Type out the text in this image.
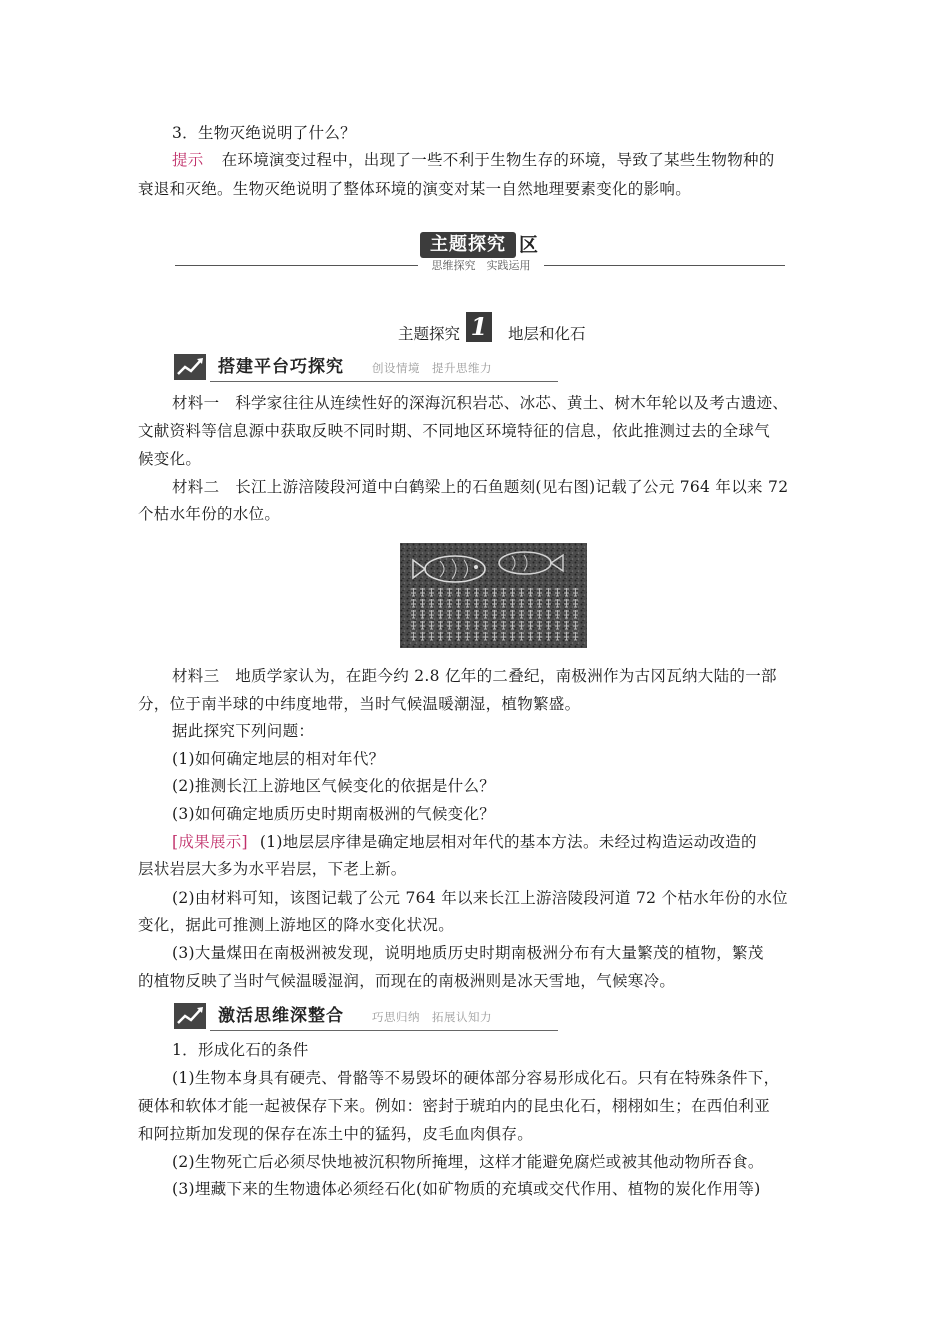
3．生物灭绝说明了什么？
提示 在环境演变过程中，出现了一些不利于生物生存的环境，导致了某些生物物种的
衰退和灭绝。生物灭绝说明了整体环境的演变对某一自然地理要素变化的影响。
主题探究 区
思维探究　实践运用
主题探究 1	地层和化石
搭建平台巧探究 创设情境　提升思维力
材料一　科学家往往从连续性好的深海沉积岩芯、冰芯、黄土、树木年轮以及考古遗迹、
文献资料等信息源中获取反映不同时期、不同地区环境特征的信息，依此推测过去的全球气
候变化。
材料二　长江上游涪陵段河道中白鹤梁上的石鱼题刻(见右图)记载了公元 764 年以来 72
个枯水年份的水位。
材料三　地质学家认为，在距今约 2.8 亿年的二叠纪，南极洲作为古冈瓦纳大陆的一部
分，位于南半球的中纬度地带，当时气候温暖潮湿，植物繁盛。
据此探究下列问题：
(1)如何确定地层的相对年代？
(2)推测长江上游地区气候变化的依据是什么？
(3)如何确定地质历史时期南极洲的气候变化？
[成果展示] (1)地层层序律是确定地层相对年代的基本方法。未经过构造运动改造的
层状岩层大多为水平岩层，下老上新。
(2)由材料可知，该图记载了公元 764 年以来长江上游涪陵段河道 72 个枯水年份的水位
变化，据此可推测上游地区的降水变化状况。
(3)大量煤田在南极洲被发现，说明地质历史时期南极洲分布有大量繁茂的植物，繁茂
的植物反映了当时气候温暖湿润，而现在的南极洲则是冰天雪地，气候寒冷。
激活思维深整合 巧思归纳　拓展认知力
1．形成化石的条件
(1)生物本身具有硬壳、骨骼等不易毁坏的硬体部分容易形成化石。只有在特殊条件下，
硬体和软体才能一起被保存下来。例如：密封于琥珀内的昆虫化石，栩栩如生；在西伯利亚
和阿拉斯加发现的保存在冻土中的猛犸，皮毛血肉俱存。
(2)生物死亡后必须尽快地被沉积物所掩埋，这样才能避免腐烂或被其他动物所吞食。
(3)埋藏下来的生物遗体必须经石化(如矿物质的充填或交代作用、植物的炭化作用等)
